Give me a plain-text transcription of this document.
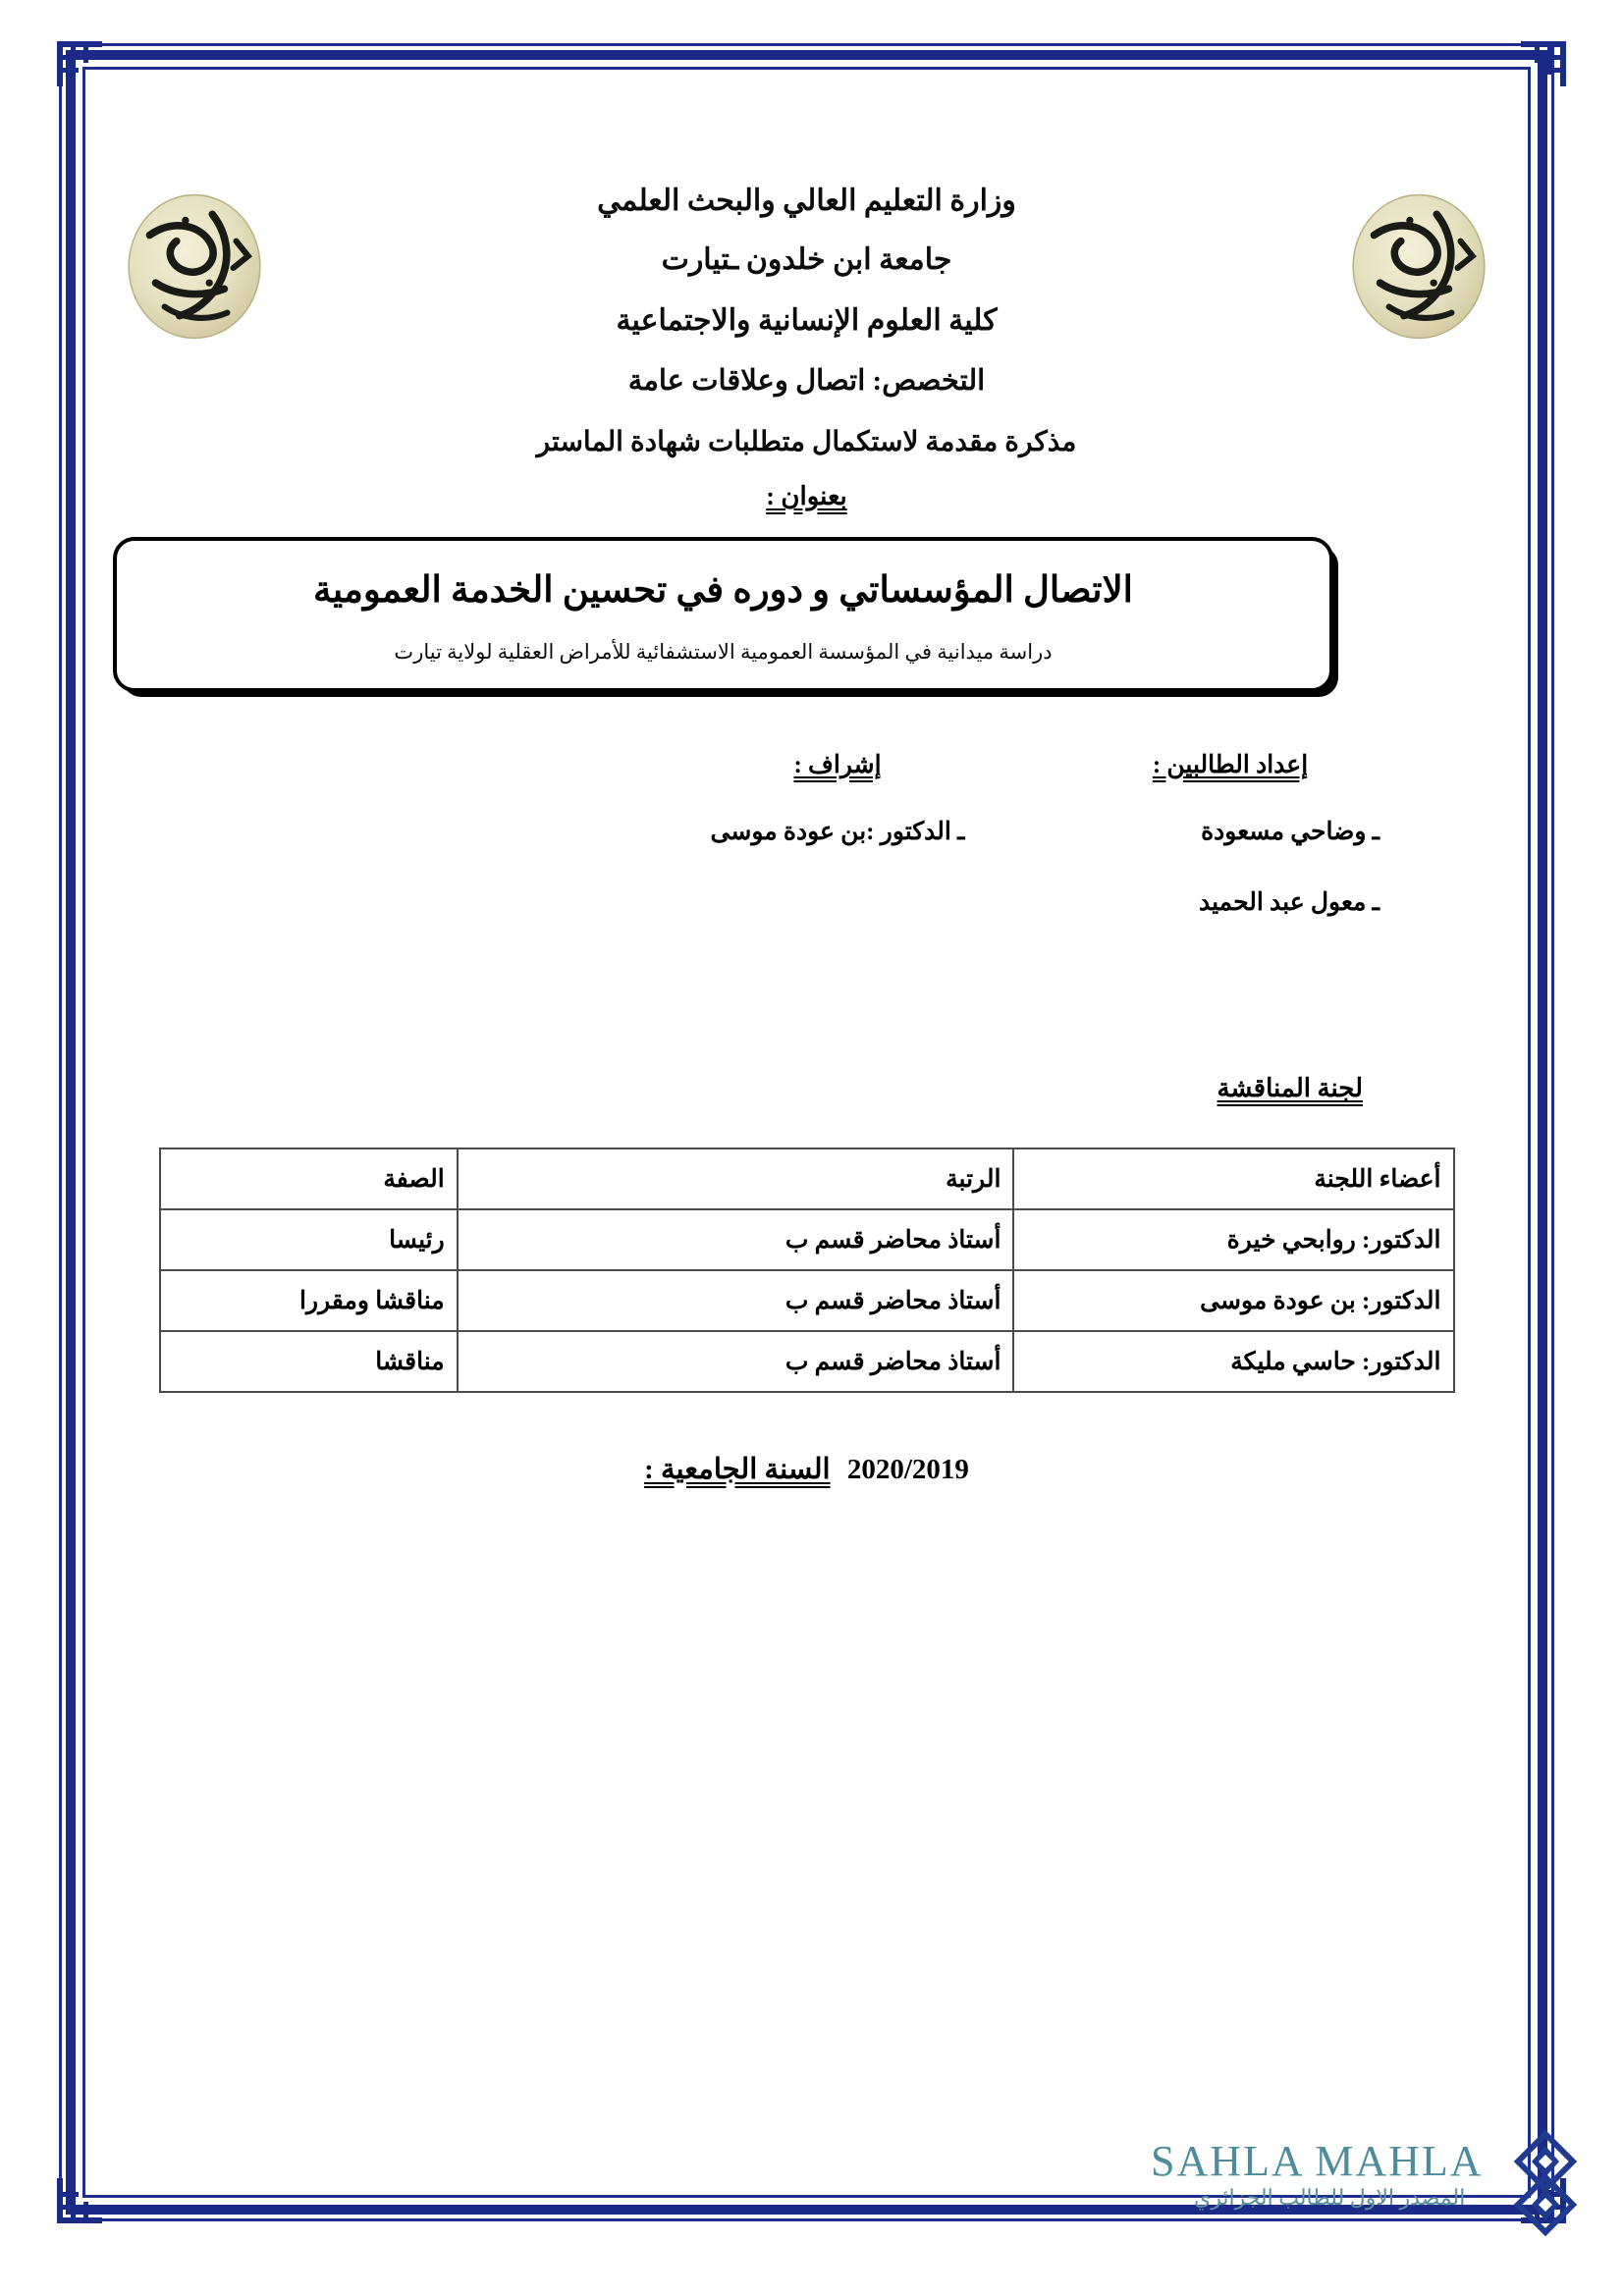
وزارة التعليم العالي والبحث العلمي

جامعة ابن خلدون ـتيارت

كلية العلوم الإنسانية والاجتماعية

التخصص: اتصال وعلاقات عامة

مذكرة مقدمة لاستكمال متطلبات شهادة الماستر

بعنوان :

الاتصال المؤسساتي و دوره في تحسين الخدمة العمومية

دراسة ميدانية في المؤسسة العمومية الاستشفائية للأمراض العقلية لولاية تيارت

إعداد الطالبين :
ـ وضاحي مسعودة
ـ معول عبد الحميد
إشراف :
ـ الدكتور :بن عودة موسى
لجنة المناقشة
أعضاء اللجنة	الرتبة	الصفة
الدكتور: روابحي خيرة	أستاذ محاضر قسم ب	رئيسا
الدكتور: بن عودة موسى	أستاذ محاضر قسم ب	مناقشا ومقررا
الدكتور: حاسي مليكة	أستاذ محاضر قسم ب	مناقشا
2020/2019 السنة الجامعية :
SAHLA MAHLA
المصدر الاول للطالب الجزائري
